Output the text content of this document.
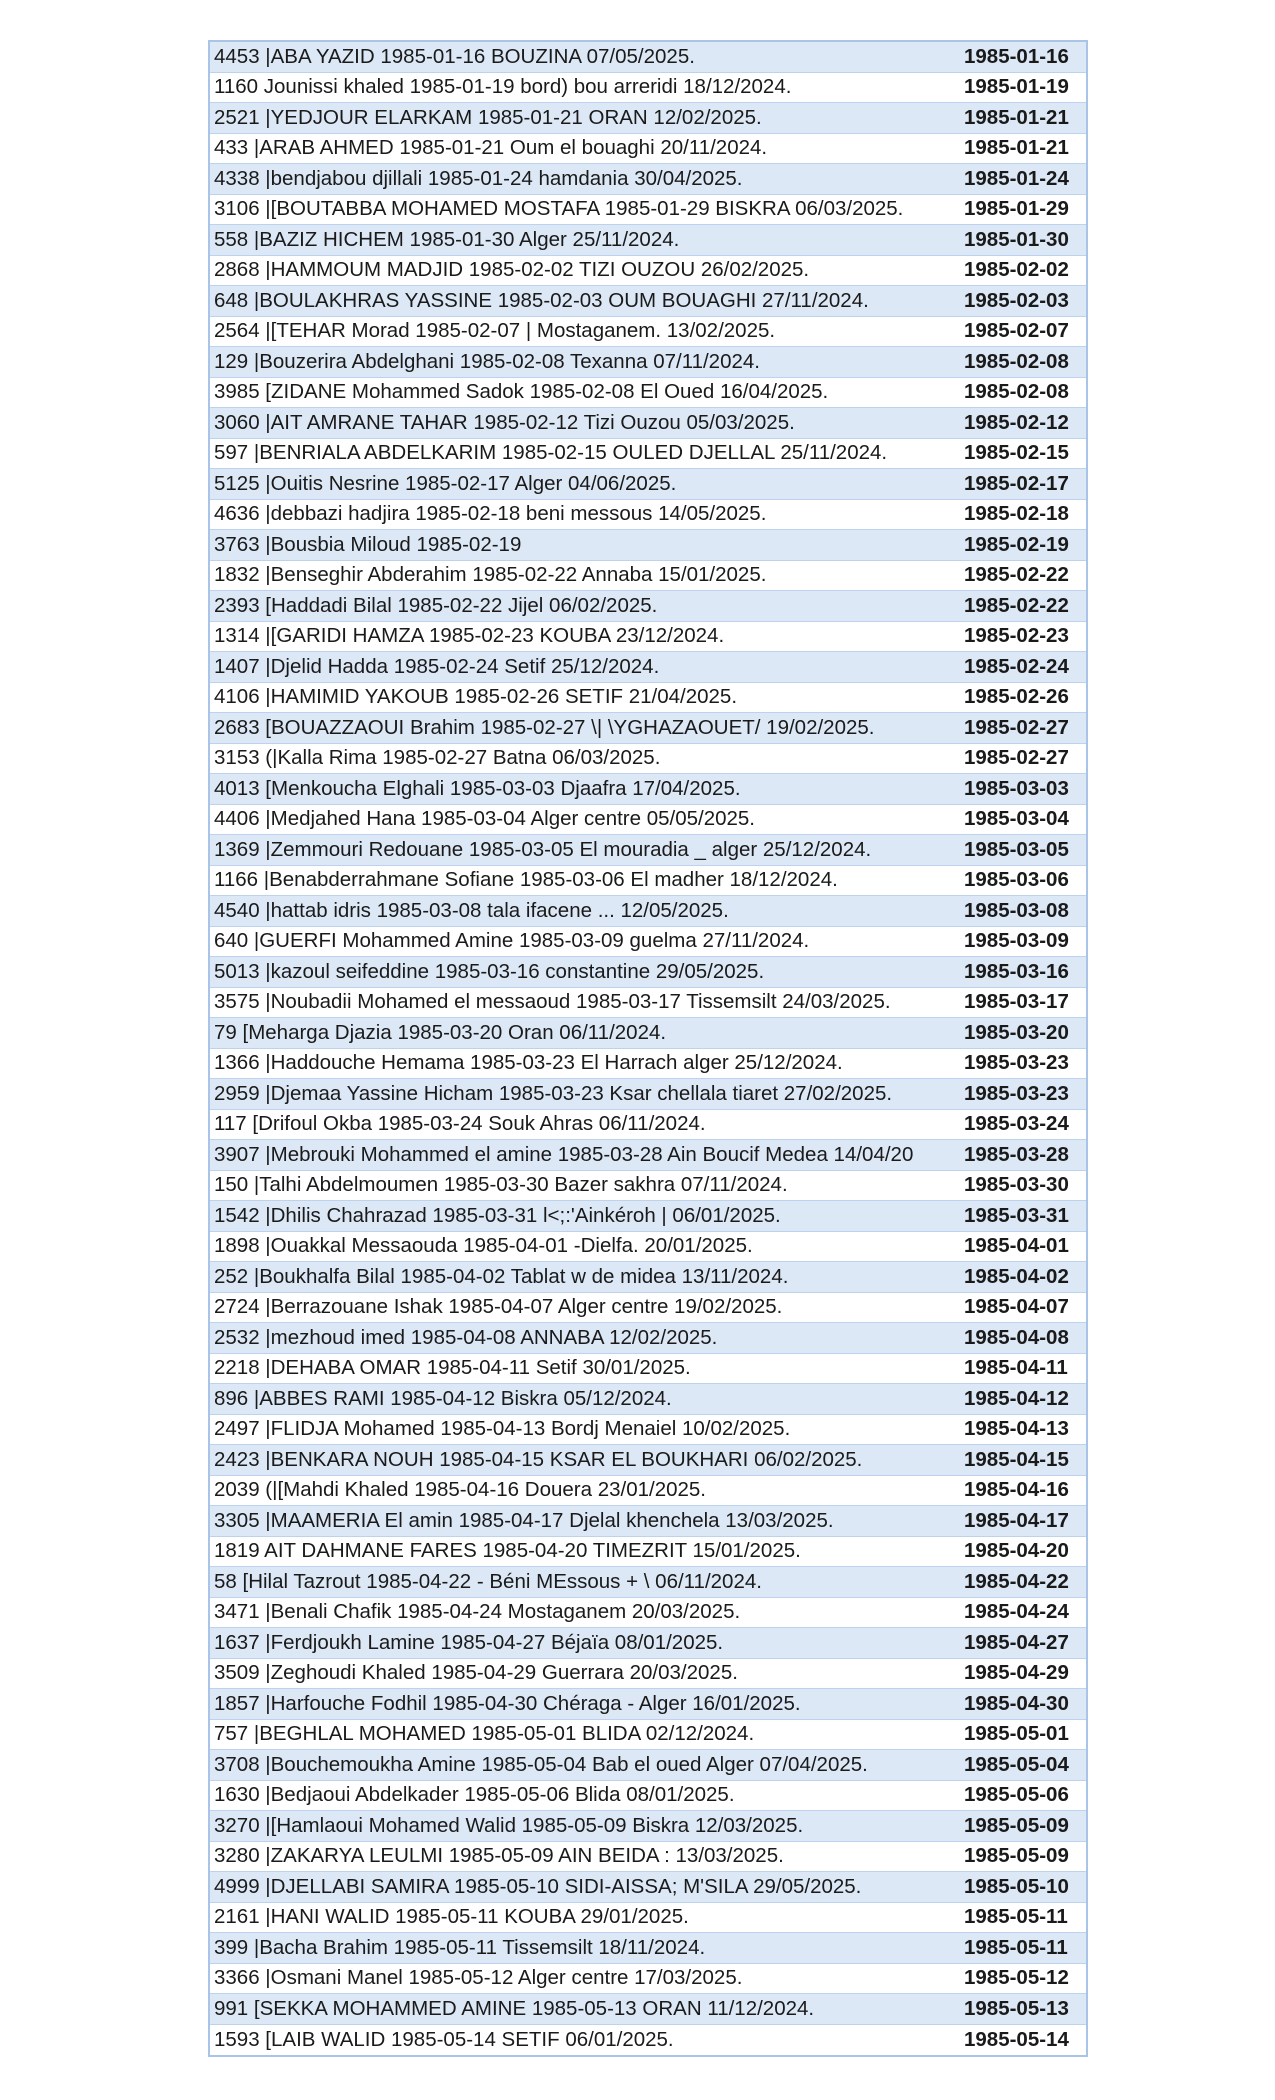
4453 |ABA YAZID 1985-01-16 BOUZINA 07/05/2025.	1985-01-16
1160 Jounissi khaled 1985-01-19 bord) bou arreridi 18/12/2024.	1985-01-19
2521 |YEDJOUR ELARKAM 1985-01-21 ORAN 12/02/2025.	1985-01-21
433 |ARAB AHMED 1985-01-21 Oum el bouaghi 20/11/2024.	1985-01-21
4338 |bendjabou djillali 1985-01-24 hamdania 30/04/2025.	1985-01-24
3106 |[BOUTABBA MOHAMED MOSTAFA 1985-01-29 BISKRA 06/03/2025.	1985-01-29
558 |BAZIZ HICHEM 1985-01-30 Alger 25/11/2024.	1985-01-30
2868 |HAMMOUM MADJID 1985-02-02 TIZI OUZOU 26/02/2025.	1985-02-02
648 |BOULAKHRAS YASSINE 1985-02-03 OUM BOUAGHI 27/11/2024.	1985-02-03
2564 |[TEHAR Morad 1985-02-07 | Mostaganem. 13/02/2025.	1985-02-07
129 |Bouzerira Abdelghani 1985-02-08 Texanna 07/11/2024.	1985-02-08
3985 [ZIDANE Mohammed Sadok 1985-02-08 El Oued 16/04/2025.	1985-02-08
3060 |AIT AMRANE TAHAR 1985-02-12 Tizi Ouzou 05/03/2025.	1985-02-12
597 |BENRIALA ABDELKARIM 1985-02-15 OULED DJELLAL 25/11/2024.	1985-02-15
5125 |Ouitis Nesrine 1985-02-17 Alger 04/06/2025.	1985-02-17
4636 |debbazi hadjira 1985-02-18 beni messous 14/05/2025.	1985-02-18
3763 |Bousbia Miloud 1985-02-19	1985-02-19
1832 |Benseghir Abderahim 1985-02-22 Annaba 15/01/2025.	1985-02-22
2393 [Haddadi Bilal 1985-02-22 Jijel 06/02/2025.	1985-02-22
1314 |[GARIDI HAMZA 1985-02-23 KOUBA 23/12/2024.	1985-02-23
1407 |Djelid Hadda 1985-02-24 Setif 25/12/2024.	1985-02-24
4106 |HAMIMID YAKOUB 1985-02-26 SETIF 21/04/2025.	1985-02-26
2683 [BOUAZZAOUI Brahim 1985-02-27 \| \YGHAZAOUET/ 19/02/2025.	1985-02-27
3153 (|Kalla Rima 1985-02-27 Batna 06/03/2025.	1985-02-27
4013 [Menkoucha Elghali 1985-03-03 Djaafra 17/04/2025.	1985-03-03
4406 |Medjahed Hana 1985-03-04 Alger centre 05/05/2025.	1985-03-04
1369 |Zemmouri Redouane 1985-03-05 El mouradia _ alger 25/12/2024.	1985-03-05
1166 |Benabderrahmane Sofiane 1985-03-06 El madher 18/12/2024.	1985-03-06
4540 |hattab idris 1985-03-08 tala ifacene ... 12/05/2025.	1985-03-08
640 |GUERFI Mohammed Amine 1985-03-09 guelma 27/11/2024.	1985-03-09
5013 |kazoul seifeddine 1985-03-16 constantine 29/05/2025.	1985-03-16
3575 |Noubadii Mohamed el messaoud 1985-03-17 Tissemsilt 24/03/2025.	1985-03-17
79 [Meharga Djazia 1985-03-20 Oran 06/11/2024.	1985-03-20
1366 |Haddouche Hemama 1985-03-23 El Harrach alger 25/12/2024.	1985-03-23
2959 |Djemaa Yassine Hicham 1985-03-23 Ksar chellala tiaret 27/02/2025.	1985-03-23
117 [Drifoul Okba 1985-03-24 Souk Ahras 06/11/2024.	1985-03-24
3907 |Mebrouki Mohammed el amine 1985-03-28 Ain Boucif Medea 14/04/20	1985-03-28
150 |Talhi Abdelmoumen 1985-03-30 Bazer sakhra 07/11/2024.	1985-03-30
1542 |Dhilis Chahrazad 1985-03-31 l<;:'Ainkéroh | 06/01/2025.	1985-03-31
1898 |Ouakkal Messaouda 1985-04-01 -Dielfa. 20/01/2025.	1985-04-01
252 |Boukhalfa Bilal 1985-04-02 Tablat w de midea 13/11/2024.	1985-04-02
2724 |Berrazouane Ishak 1985-04-07 Alger centre 19/02/2025.	1985-04-07
2532 |mezhoud imed 1985-04-08 ANNABA 12/02/2025.	1985-04-08
2218 |DEHABA OMAR 1985-04-11 Setif 30/01/2025.	1985-04-11
896 |ABBES RAMI 1985-04-12 Biskra 05/12/2024.	1985-04-12
2497 |FLIDJA Mohamed 1985-04-13 Bordj Menaiel 10/02/2025.	1985-04-13
2423 |BENKARA NOUH 1985-04-15 KSAR EL BOUKHARI 06/02/2025.	1985-04-15
2039 (|[Mahdi Khaled 1985-04-16 Douera 23/01/2025.	1985-04-16
3305 |MAAMERIA El amin 1985-04-17 Djelal khenchela 13/03/2025.	1985-04-17
1819 AIT DAHMANE FARES 1985-04-20 TIMEZRIT 15/01/2025.	1985-04-20
58 [Hilal Tazrout 1985-04-22 - Béni MEssous + \ 06/11/2024.	1985-04-22
3471 |Benali Chafik 1985-04-24 Mostaganem 20/03/2025.	1985-04-24
1637 |Ferdjoukh Lamine 1985-04-27 Béjaïa 08/01/2025.	1985-04-27
3509 |Zeghoudi Khaled 1985-04-29 Guerrara 20/03/2025.	1985-04-29
1857 |Harfouche Fodhil 1985-04-30 Chéraga - Alger 16/01/2025.	1985-04-30
757 |BEGHLAL MOHAMED 1985-05-01 BLIDA 02/12/2024.	1985-05-01
3708 |Bouchemoukha Amine 1985-05-04 Bab el oued Alger 07/04/2025.	1985-05-04
1630 |Bedjaoui Abdelkader 1985-05-06 Blida 08/01/2025.	1985-05-06
3270 |[Hamlaoui Mohamed Walid 1985-05-09 Biskra 12/03/2025.	1985-05-09
3280 |ZAKARYA LEULMI 1985-05-09 AIN BEIDA : 13/03/2025.	1985-05-09
4999 |DJELLABI SAMIRA 1985-05-10 SIDI-AISSA; M'SILA 29/05/2025.	1985-05-10
2161 |HANI WALID 1985-05-11 KOUBA 29/01/2025.	1985-05-11
399 |Bacha Brahim 1985-05-11 Tissemsilt 18/11/2024.	1985-05-11
3366 |Osmani Manel 1985-05-12 Alger centre 17/03/2025.	1985-05-12
991 [SEKKA MOHAMMED AMINE 1985-05-13 ORAN 11/12/2024.	1985-05-13
1593 [LAIB WALID 1985-05-14 SETIF 06/01/2025.	1985-05-14
